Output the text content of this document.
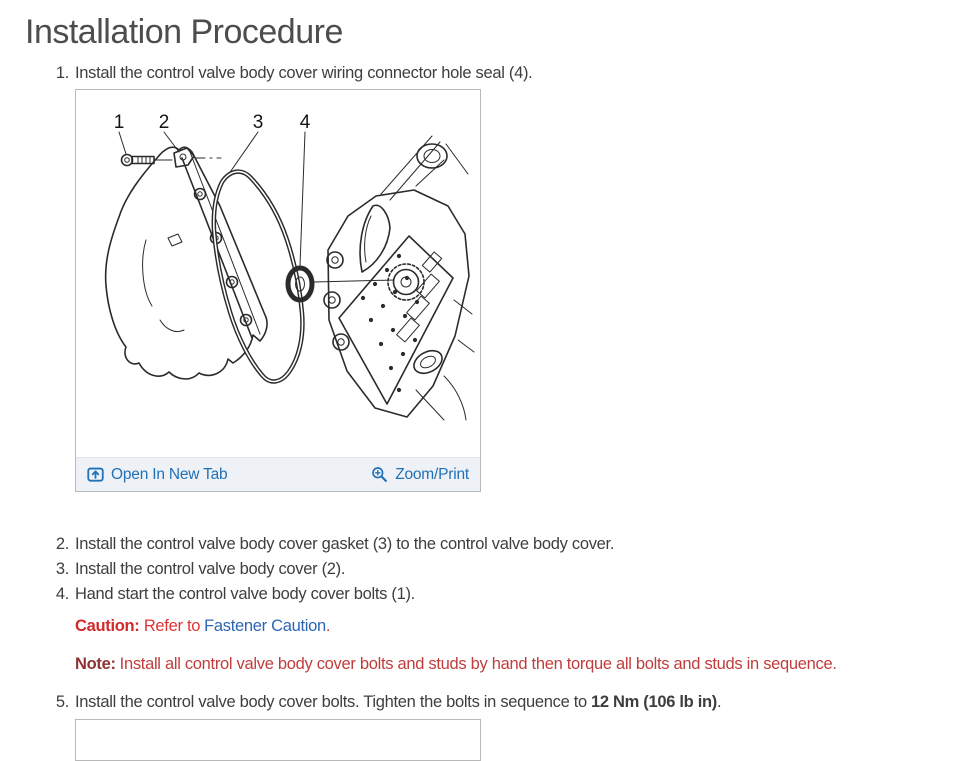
Installation Procedure
1. Install the control valve body cover wiring connector hole seal (4).
1 2	3 4
Open In New Tab	Zoom/Print
2. Install the control valve body cover gasket (3) to the control valve body cover.
3. Install the control valve body cover (2).
4. Hand start the control valve body cover bolts (1).
Caution: Refer to Fastener Caution.
Note: Install all control valve body cover bolts and studs by hand then torque all bolts and studs in sequence.
5. Install the control valve body cover bolts. Tighten the bolts in sequence to 12 Nm (106 lb in).
